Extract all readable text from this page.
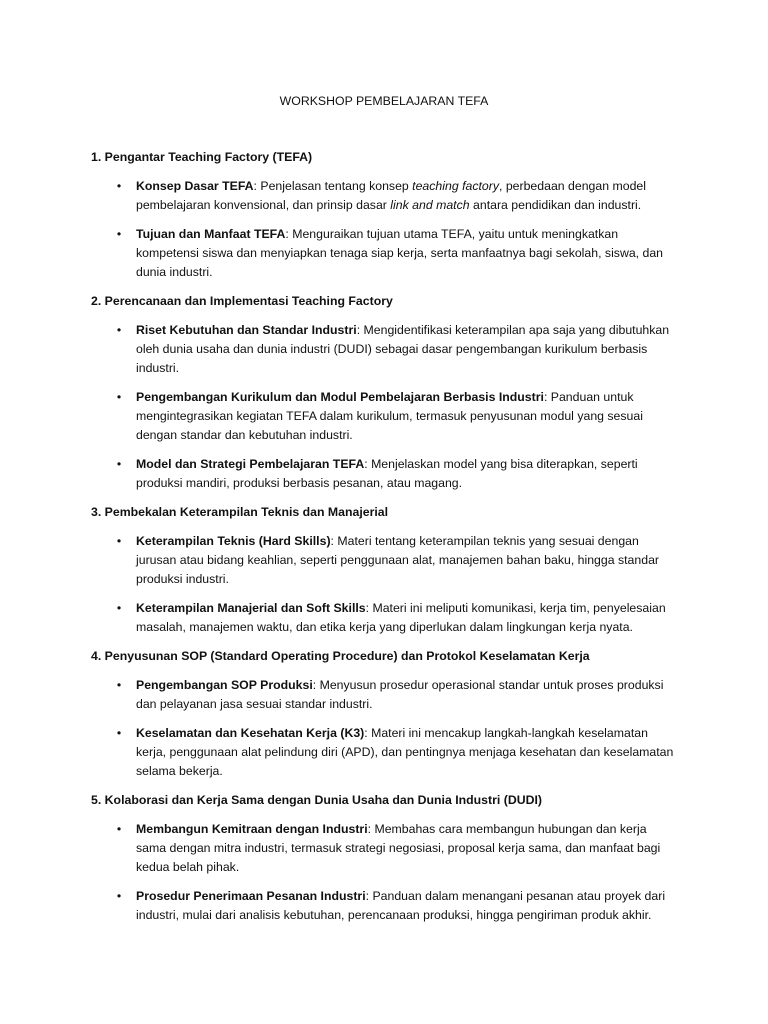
WORKSHOP PEMBELAJARAN TEFA

1. Pengantar Teaching Factory (TEFA)

• Konsep Dasar TEFA: Penjelasan tentang konsep teaching factory, perbedaan dengan model pembelajaran konvensional, dan prinsip dasar link and match antara pendidikan dan industri.
• Tujuan dan Manfaat TEFA: Menguraikan tujuan utama TEFA, yaitu untuk meningkatkan kompetensi siswa dan menyiapkan tenaga siap kerja, serta manfaatnya bagi sekolah, siswa, dan dunia industri.

2. Perencanaan dan Implementasi Teaching Factory

• Riset Kebutuhan dan Standar Industri: Mengidentifikasi keterampilan apa saja yang dibutuhkan oleh dunia usaha dan dunia industri (DUDI) sebagai dasar pengembangan kurikulum berbasis industri.
• Pengembangan Kurikulum dan Modul Pembelajaran Berbasis Industri: Panduan untuk mengintegrasikan kegiatan TEFA dalam kurikulum, termasuk penyusunan modul yang sesuai dengan standar dan kebutuhan industri.
• Model dan Strategi Pembelajaran TEFA: Menjelaskan model yang bisa diterapkan, seperti produksi mandiri, produksi berbasis pesanan, atau magang.

3. Pembekalan Keterampilan Teknis dan Manajerial

• Keterampilan Teknis (Hard Skills): Materi tentang keterampilan teknis yang sesuai dengan jurusan atau bidang keahlian, seperti penggunaan alat, manajemen bahan baku, hingga standar produksi industri.
• Keterampilan Manajerial dan Soft Skills: Materi ini meliputi komunikasi, kerja tim, penyelesaian masalah, manajemen waktu, dan etika kerja yang diperlukan dalam lingkungan kerja nyata.

4. Penyusunan SOP (Standard Operating Procedure) dan Protokol Keselamatan Kerja

• Pengembangan SOP Produksi: Menyusun prosedur operasional standar untuk proses produksi dan pelayanan jasa sesuai standar industri.
• Keselamatan dan Kesehatan Kerja (K3): Materi ini mencakup langkah-langkah keselamatan kerja, penggunaan alat pelindung diri (APD), dan pentingnya menjaga kesehatan dan keselamatan selama bekerja.

5. Kolaborasi dan Kerja Sama dengan Dunia Usaha dan Dunia Industri (DUDI)

• Membangun Kemitraan dengan Industri: Membahas cara membangun hubungan dan kerja sama dengan mitra industri, termasuk strategi negosiasi, proposal kerja sama, dan manfaat bagi kedua belah pihak.
• Prosedur Penerimaan Pesanan Industri: Panduan dalam menangani pesanan atau proyek dari industri, mulai dari analisis kebutuhan, perencanaan produksi, hingga pengiriman produk akhir.
